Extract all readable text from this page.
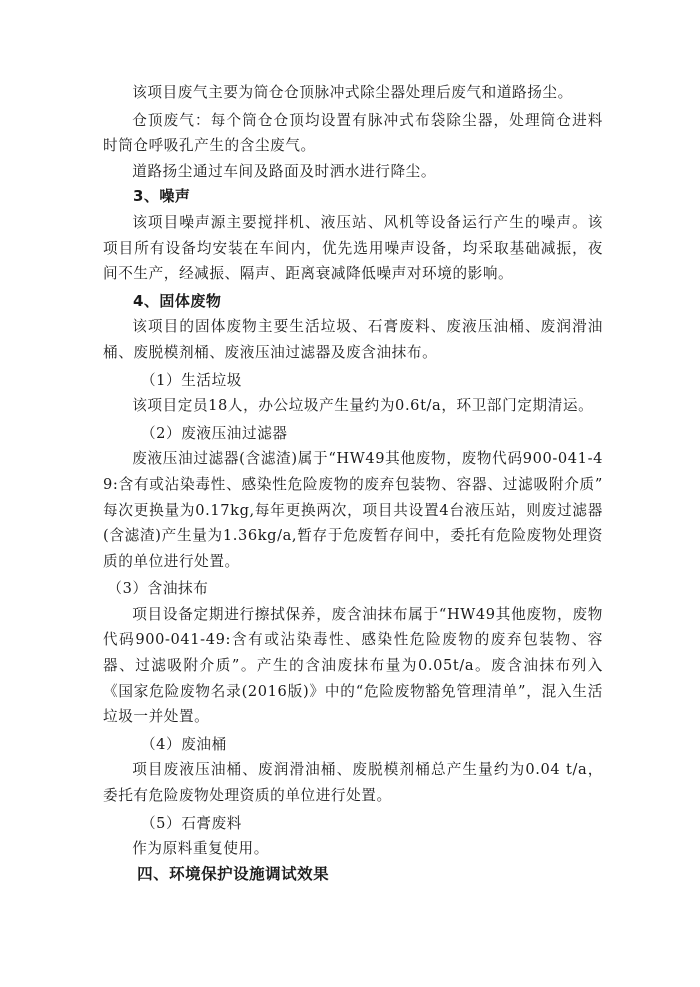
该项目废气主要为筒仓仓顶脉冲式除尘器处理后废气和道路扬尘。

仓顶废气：每个筒仓仓顶均设置有脉冲式布袋除尘器，处理筒仓进料时筒仓呼吸孔产生的含尘废气。

道路扬尘通过车间及路面及时洒水进行降尘。

3、噪声

该项目噪声源主要搅拌机、液压站、风机等设备运行产生的噪声。该项目所有设备均安装在车间内，优先选用噪声设备，均采取基础减振，夜间不生产，经减振、隔声、距离衰减降低噪声对环境的影响。

4、固体废物

该项目的固体废物主要生活垃圾、石膏废料、废液压油桶、废润滑油桶、废脱模剂桶、废液压油过滤器及废含油抹布。

（1）生活垃圾

该项目定员18人，办公垃圾产生量约为0.6t/a，环卫部门定期清运。

（2）废液压油过滤器

废液压油过滤器(含滤渣)属于“HW49其他废物，废物代码900-041-49:含有或沾染毒性、感染性危险废物的废弃包装物、容器、过滤吸附介质” 每次更换量为0.17kg,每年更换两次，项目共设置4台液压站，则废过滤器(含滤渣)产生量为1.36kg/a,暂存于危废暂存间中，委托有危险废物处理资质的单位进行处置。

（3）含油抹布

项目设备定期进行擦拭保养，废含油抹布属于“HW49其他废物，废物代码900-041-49:含有或沾染毒性、感染性危险废物的废弃包装物、容器、过滤吸附介质”。产生的含油废抹布量为0.05t/a。废含油抹布列入《国家危险废物名录(2016版)》中的“危险废物豁免管理清单”，混入生活垃圾一并处置。

（4）废油桶

项目废液压油桶、废润滑油桶、废脱模剂桶总产生量约为0.04 t/a，委托有危险废物处理资质的单位进行处置。

（5）石膏废料

作为原料重复使用。

四、环境保护设施调试效果
